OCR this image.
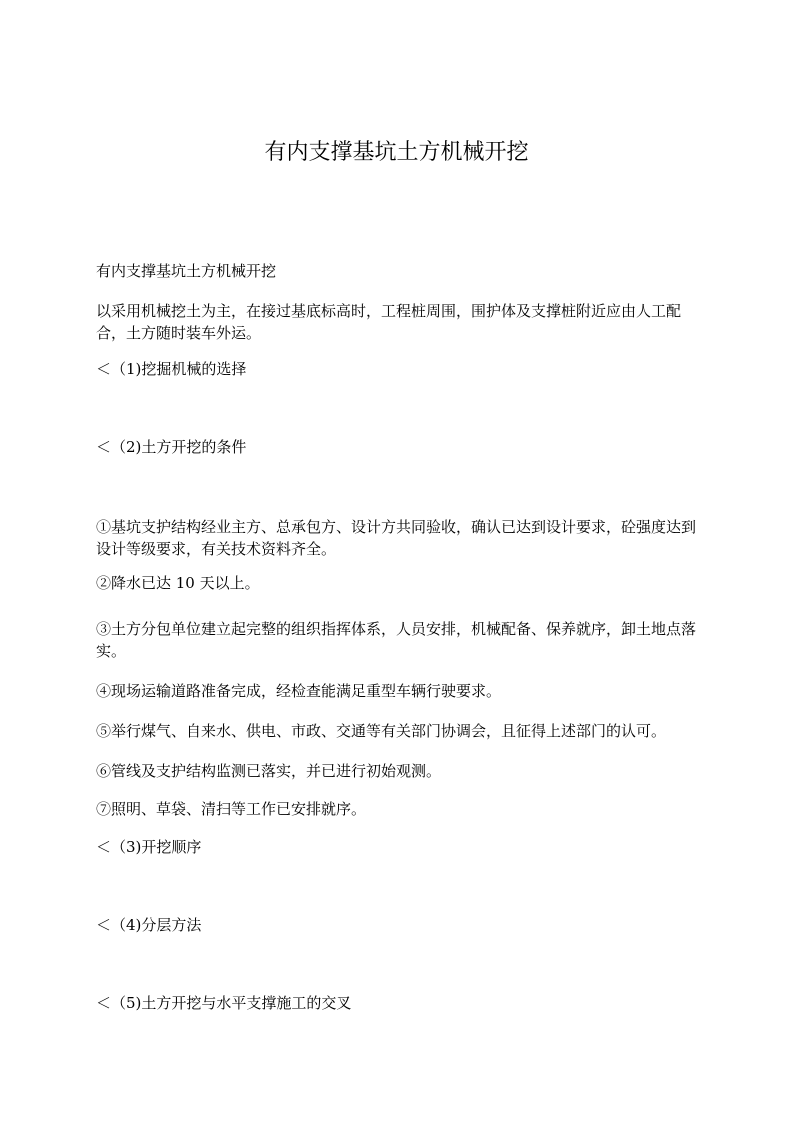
有内支撑基坑土方机械开挖

有内支撑基坑土方机械开挖

以采用机械挖土为主，在接过基底标高时，工程桩周围，围护体及支撑桩附近应由人工配合，土方随时装车外运。

＜（1)挖掘机械的选择

＜（2)土方开挖的条件

①基坑支护结构经业主方、总承包方、设计方共同验收，确认已达到设计要求，砼强度达到设计等级要求，有关技术资料齐全。

②降水已达 10 天以上。

③土方分包单位建立起完整的组织指挥体系，人员安排，机械配备、保养就序，卸土地点落实。

④现场运输道路准备完成，经检查能满足重型车辆行驶要求。

⑤举行煤气、自来水、供电、市政、交通等有关部门协调会，且征得上述部门的认可。

⑥管线及支护结构监测已落实，并已进行初始观测。

⑦照明、草袋、清扫等工作已安排就序。

＜（3)开挖顺序

＜（4)分层方法

＜（5)土方开挖与水平支撑施工的交叉
